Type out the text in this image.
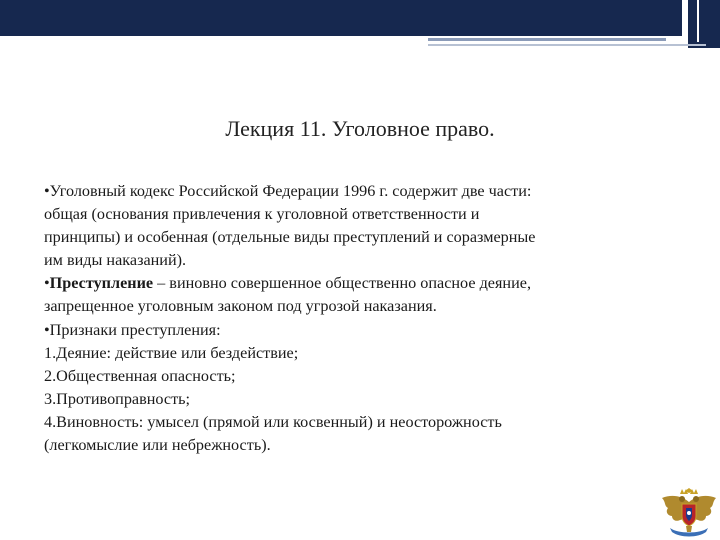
Лекция 11. Уголовное право.
•Уголовный кодекс Российской Федерации 1996 г. содержит две части:
общая (основания привлечения к уголовной ответственности и
принципы) и особенная (отдельные виды преступлений и соразмерные
им виды наказаний).
•Преступление – виновно совершенное общественно опасное деяние,
запрещенное уголовным законом под угрозой наказания.
•Признаки преступления:
1.Деяние: действие или бездействие;
2.Общественная опасность;
3.Противоправность;
4.Виновность: умысел (прямой или косвенный) и неосторожность
(легкомыслие или небрежность).
